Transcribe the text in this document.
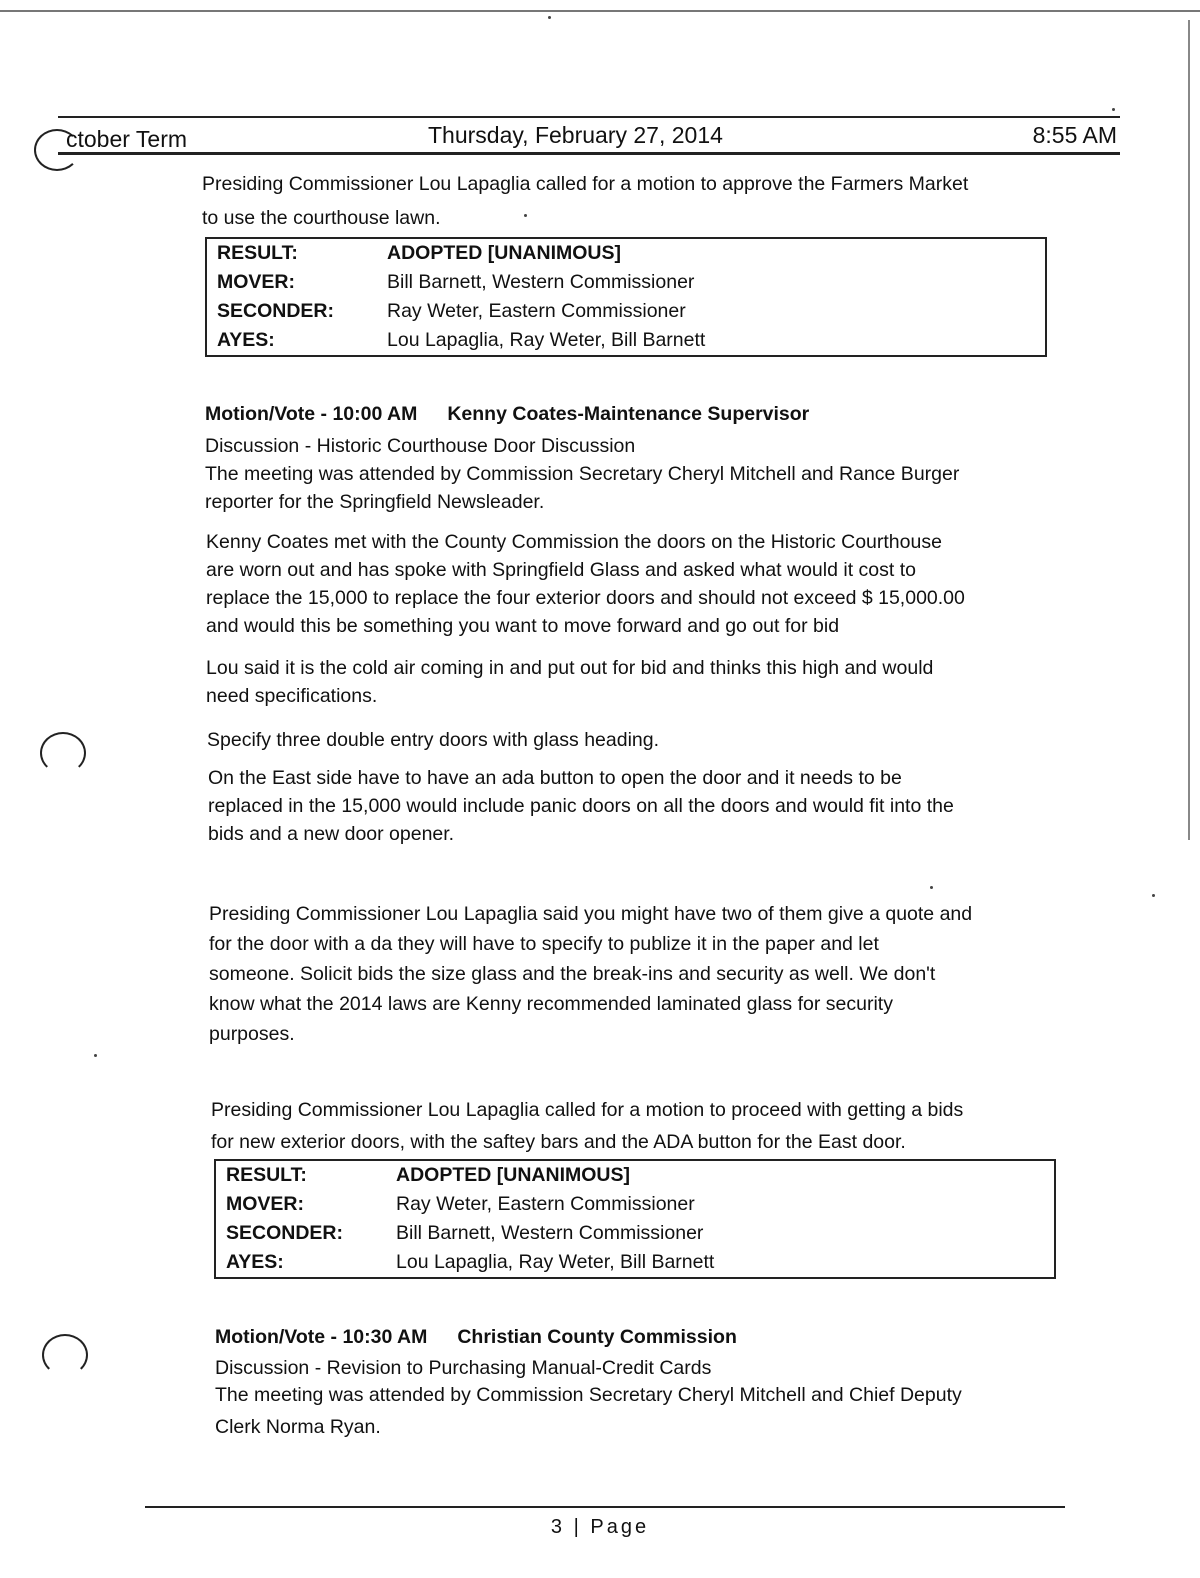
ctober Term	Thursday, February 27, 2014	8:55 AM
Presiding Commissioner Lou Lapaglia called for a motion to approve the Farmers Market
to use the courthouse lawn.
RESULT:	ADOPTED [UNANIMOUS]
MOVER:	Bill Barnett, Western Commissioner
SECONDER:	Ray Weter, Eastern Commissioner
AYES:	Lou Lapaglia, Ray Weter, Bill Barnett
Motion/Vote - 10:00 AM Kenny Coates-Maintenance Supervisor
Discussion - Historic Courthouse Door Discussion
The meeting was attended by Commission Secretary Cheryl Mitchell and Rance Burger
reporter for the Springfield Newsleader.
Kenny Coates met with the County Commission the doors on the Historic Courthouse
are worn out and has spoke with Springfield Glass and asked what would it cost to
replace the 15,000 to replace the four exterior doors and should not exceed $ 15,000.00
and would this be something you want to move forward and go out for bid
Lou said it is the cold air coming in and put out for bid and thinks this high and would
need specifications.
Specify three double entry doors with glass heading.
On the East side have to have an ada button to open the door and it needs to be
replaced in the 15,000 would include panic doors on all the doors and would fit into the
bids and a new door opener.
Presiding Commissioner Lou Lapaglia said you might have two of them give a quote and
for the door with a da they will have to specify to publize it in the paper and let
someone. Solicit bids the size glass and the break-ins and security as well. We don't
know what the 2014 laws are Kenny recommended laminated glass for security
purposes.
Presiding Commissioner Lou Lapaglia called for a motion to proceed with getting a bids
for new exterior doors, with the saftey bars and the ADA button for the East door.
RESULT:	ADOPTED [UNANIMOUS]
MOVER:	Ray Weter, Eastern Commissioner
SECONDER:	Bill Barnett, Western Commissioner
AYES:	Lou Lapaglia, Ray Weter, Bill Barnett
Motion/Vote - 10:30 AM Christian County Commission
Discussion - Revision to Purchasing Manual-Credit Cards
The meeting was attended by Commission Secretary Cheryl Mitchell and Chief Deputy
Clerk Norma Ryan.
3 | Page
